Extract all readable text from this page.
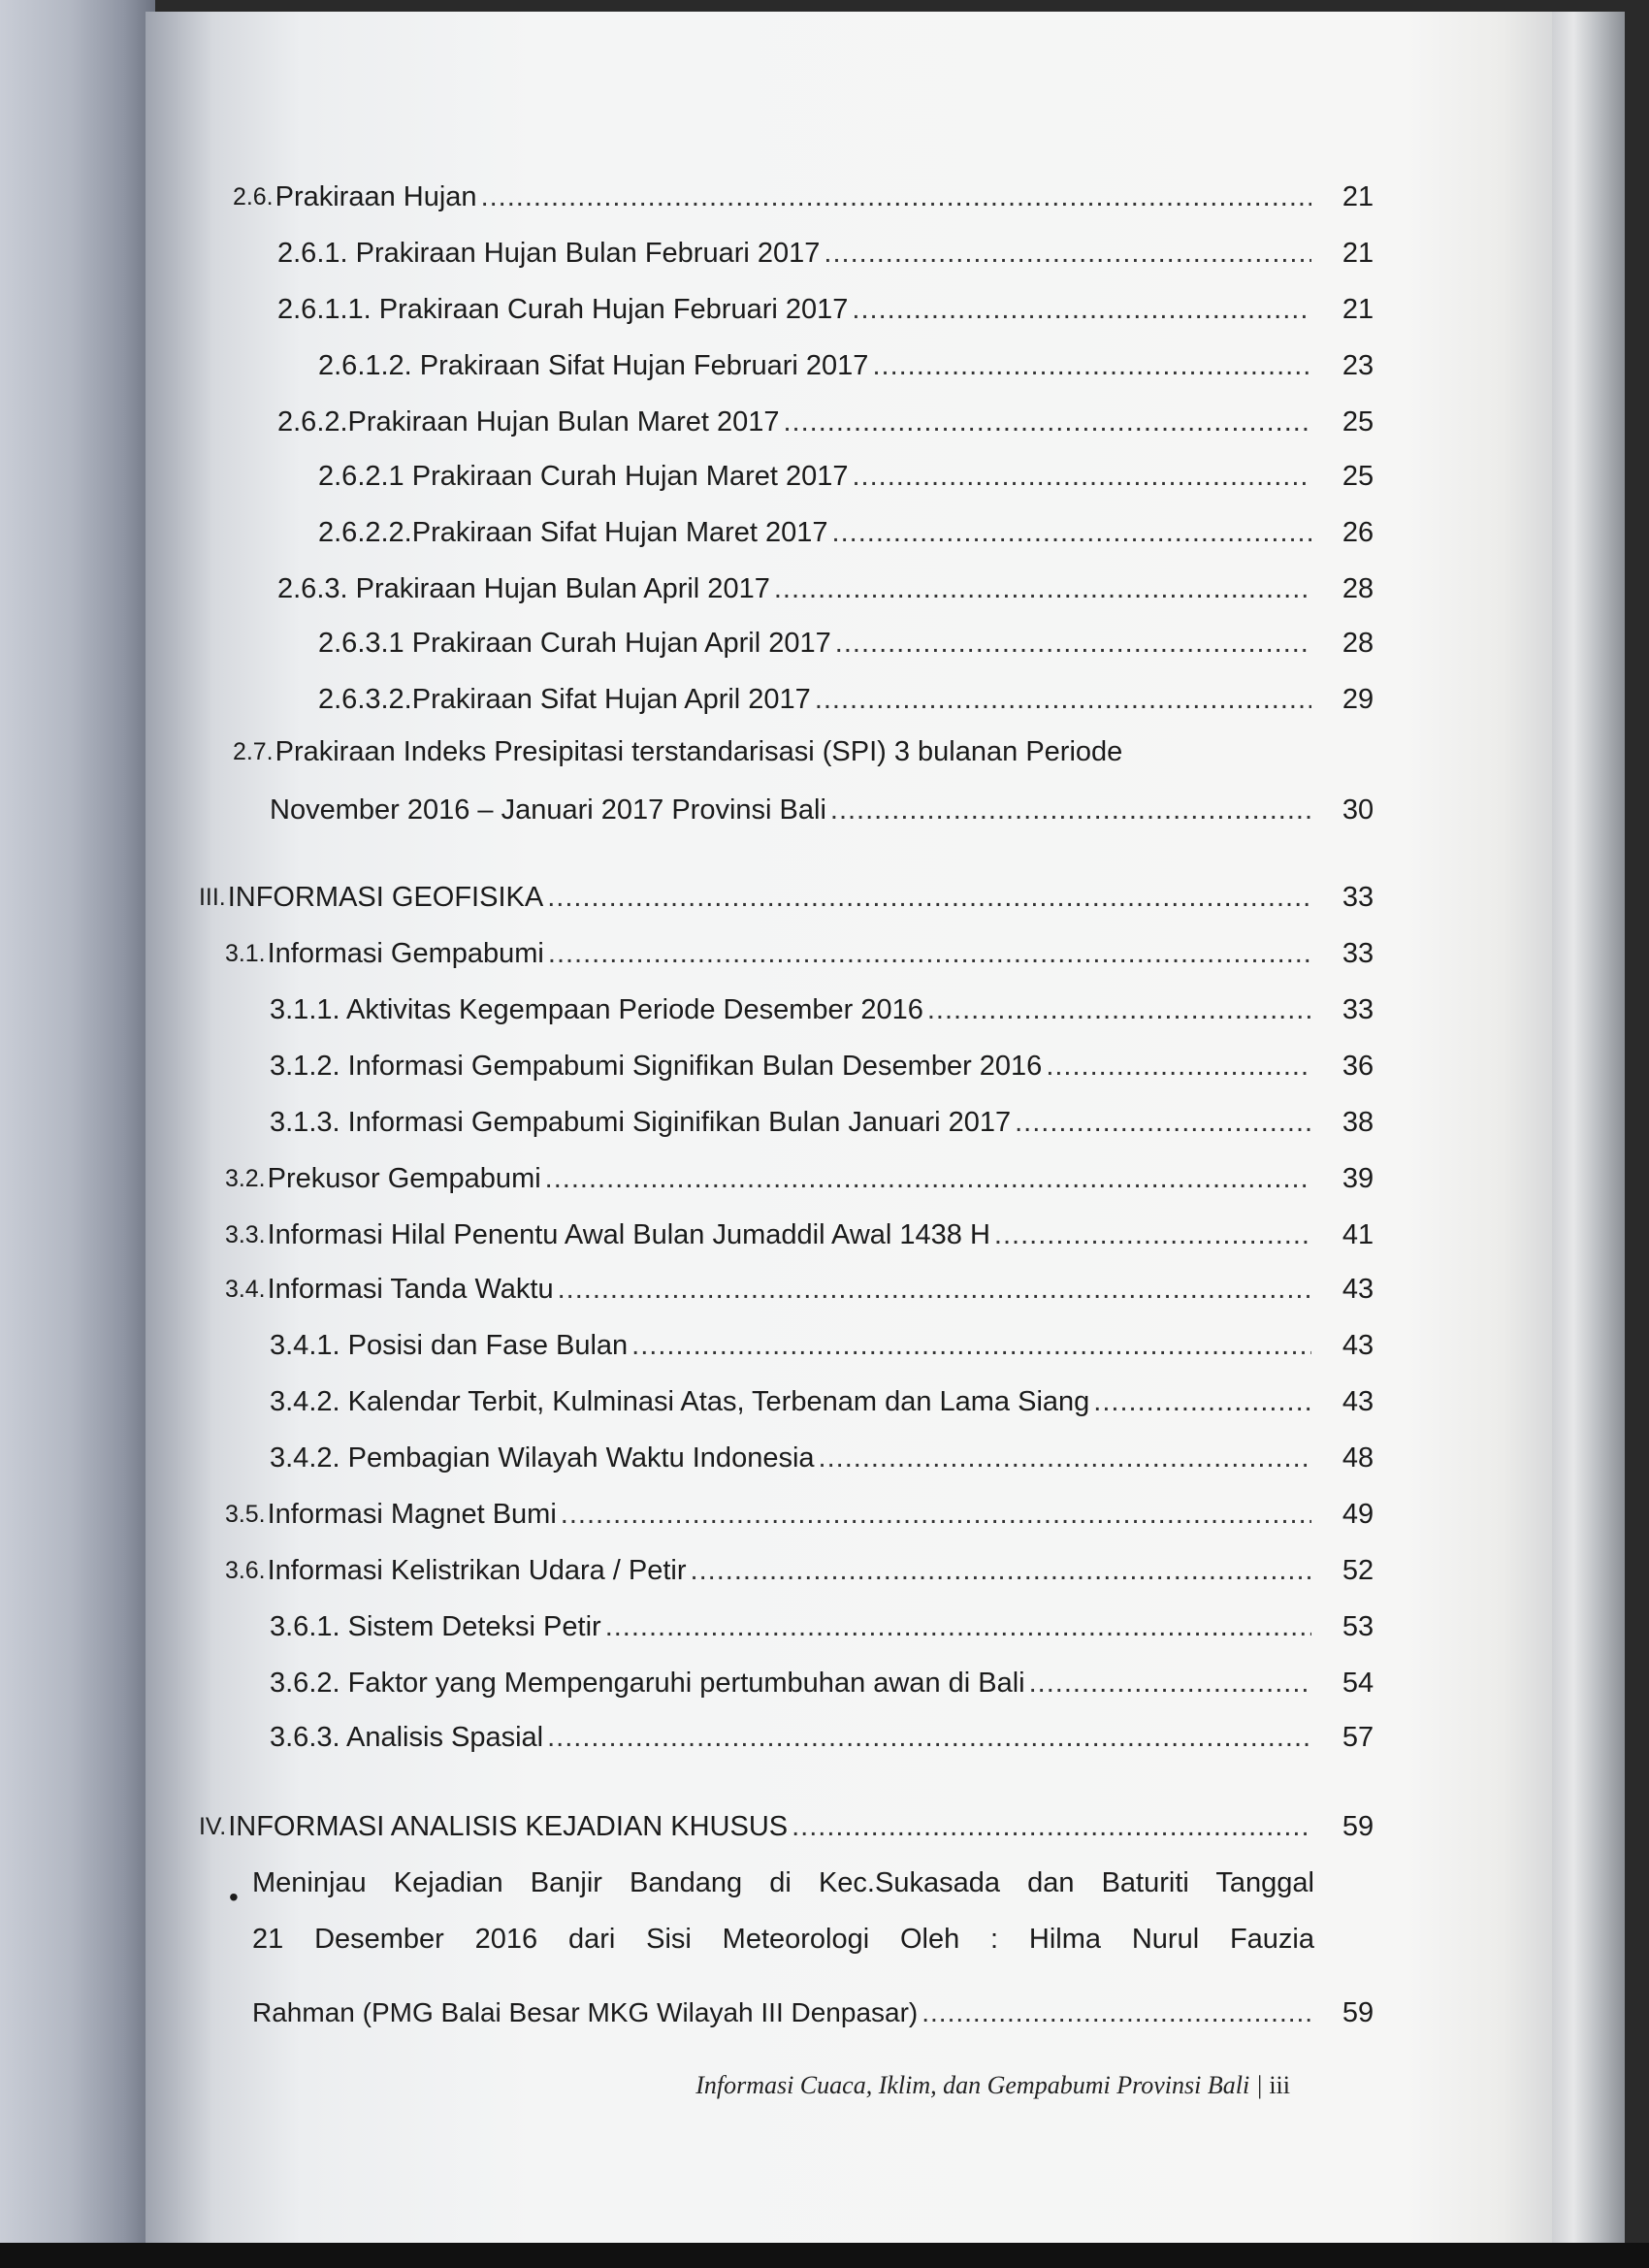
2.6. Prakiraan Hujan .....	21
2.6.1. Prakiraan Hujan Bulan Februari 2017 .....	21
2.6.1.1. Prakiraan Curah Hujan Februari 2017 .....	21
2.6.1.2. Prakiraan Sifat Hujan Februari 2017 .....	23
2.6.2.Prakiraan Hujan Bulan Maret 2017 .....	25
2.6.2.1 Prakiraan Curah Hujan Maret 2017 .....	25
2.6.2.2.Prakiraan Sifat Hujan Maret 2017 .....	26
2.6.3. Prakiraan Hujan Bulan April 2017 .....	28
2.6.3.1 Prakiraan Curah Hujan April 2017 .....	28
2.6.3.2.Prakiraan Sifat Hujan April 2017 .....	29
2.7. Prakiraan Indeks Presipitasi terstandarisasi (SPI) 3 bulanan Periode
November 2016 – Januari 2017 Provinsi Bali .....	30
III. INFORMASI GEOFISIKA .....	33
3.1. Informasi Gempabumi .....	33
3.1.1. Aktivitas Kegempaan Periode Desember 2016 .....	33
3.1.2. Informasi Gempabumi Signifikan Bulan Desember 2016 .....	36
3.1.3. Informasi Gempabumi Siginifikan Bulan Januari 2017 .....	38
3.2. Prekusor Gempabumi .....	39
3.3. Informasi Hilal Penentu Awal Bulan Jumaddil Awal 1438 H .....	41
3.4. Informasi Tanda Waktu .....	43
3.4.1. Posisi dan Fase Bulan .....	43
3.4.2. Kalendar Terbit, Kulminasi Atas, Terbenam dan Lama Siang .....	43
3.4.2. Pembagian Wilayah Waktu Indonesia .....	48
3.5. Informasi Magnet Bumi .....	49
3.6. Informasi Kelistrikan Udara / Petir .....	52
3.6.1. Sistem Deteksi Petir .....	53
3.6.2. Faktor yang Mempengaruhi pertumbuhan awan di Bali .....	54
3.6.3. Analisis Spasial .....	57
IV. INFORMASI ANALISIS KEJADIAN KHUSUS .....	59
• Meninjau Kejadian Banjir Bandang di Kec.Sukasada dan Baturiti Tanggal
21 Desember 2016 dari Sisi Meteorologi Oleh : Hilma Nurul Fauzia
Rahman (PMG Balai Besar MKG Wilayah III Denpasar) .....	59
Informasi Cuaca, Iklim, dan Gempabumi Provinsi Bali | iii
